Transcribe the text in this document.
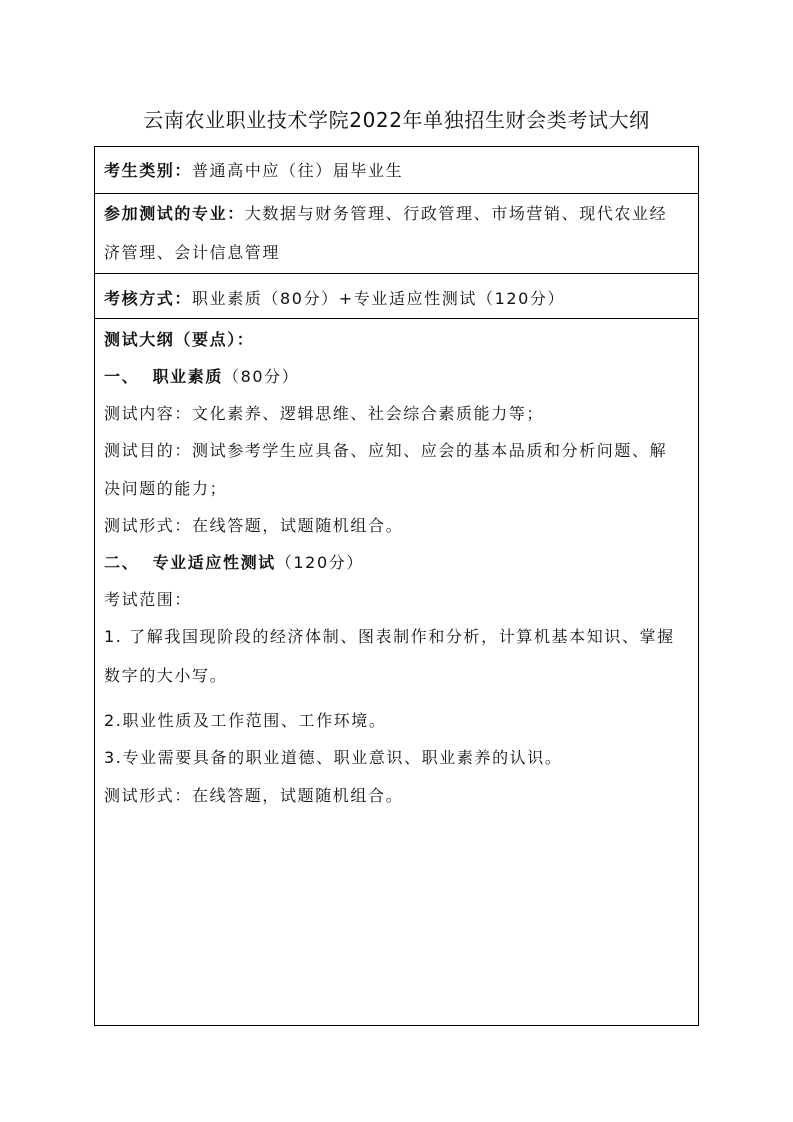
云南农业职业技术学院2022年单独招生财会类考试大纲
考生类别：普通高中应（往）届毕业生
参加测试的专业：大数据与财务管理、行政管理、市场营销、现代农业经
济管理、会计信息管理
考核方式：职业素质（80分）+专业适应性测试（120分）
测试大纲（要点）：
一、 职业素质（80分）
测试内容：文化素养、逻辑思维、社会综合素质能力等；
测试目的：测试参考学生应具备、应知、应会的基本品质和分析问题、解
决问题的能力；
测试形式：在线答题，试题随机组合。
二、 专业适应性测试（120分）
考试范围：
1. 了解我国现阶段的经济体制、图表制作和分析，计算机基本知识、掌握
数字的大小写。
2.职业性质及工作范围、工作环境。
3.专业需要具备的职业道德、职业意识、职业素养的认识。
测试形式：在线答题，试题随机组合。
